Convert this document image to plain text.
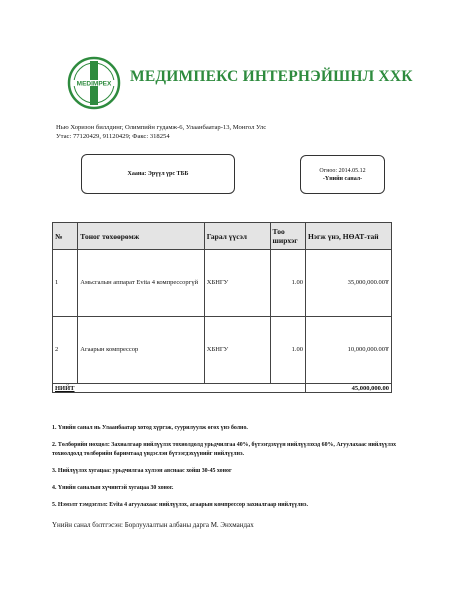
MEDIMPEX МЕДИМПЕКС ИНТЕРНЭЙШНЛ ХХК
Нью Хоризон биллдинг, Олимпийн гудамж-6, Улаанбаатар-13, Монгол Улс
Утас: 77120429, 91120429; Факс: 318254
Хаана: Эрүүл үрс ТББ
Огноо: 2014.05.12
-Үнийн санал-
№	Тоног төхөөрөмж	Гарал үүсэл	Тоо ширхэг	Нэгж үнэ, НӨАТ-тай
1	Амьсгалын аппарат Evita 4 компрессоргүй	ХБНГУ	1.00	35,000,000.00₮
2	Агаарын компрессор	ХБНГУ	1.00	10,000,000.00₮
НИЙТ				45,000,000.00

1. Үнийн санал нь Улаанбаатар хотод хүргэж, суурилуулж өгөх үнэ болно.

2. Төлбөрийн нөхцөл: Захиалгаар нийлүүлэх тохиолдолд урьдчилгаа 40%, бүтээгдэхүүн нийлүүлэхэд 60%, Агуулахаас нийлүүлэх тохиолдолд төлбөрийн баримтаад үндэслэн бүтээгдэхүүнийг нийлүүлнэ.

3. Нийлүүлэх хугацаа: урьдчилгаа хүлээн авснаас хойш 30-45 хоног

4. Үнийн саналын хүчинтэй хугацаа 30 хоног.

5. Нэмэлт тэмдэглэл: Evita 4 агуулахаас нийлүүлэх, агаарын компрессор захиалгаар нийлүүлнэ.

Үнийн санал бэлтгэсэн: Борлуулалтын албаны дарга М. Энхмандах
